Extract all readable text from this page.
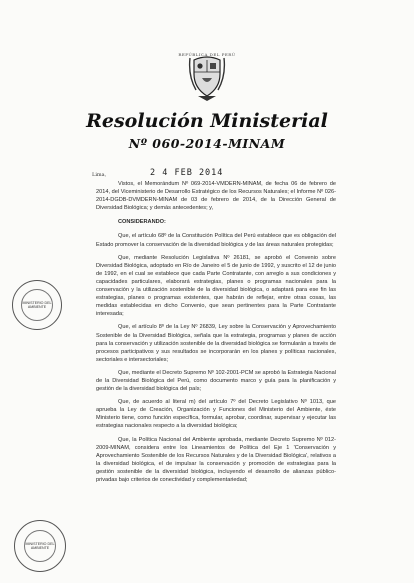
REPÚBLICA DEL PERÚ
Resolución Ministerial
Nº 060-2014-MINAM
Lima,	2 4 FEB 2014
MINISTERIO DEL AMBIENTE
MINISTERIO DEL AMBIENTE

Vistos, el Memorándum Nº 069-2014-VMDERN-MINAM, de fecha 06 de febrero de 2014, del Viceministerio de Desarrollo Estratégico de los Recursos Naturales; el Informe Nº 026-2014-DGDB-DVMDERN-MINAM de 03 de febrero de 2014, de la Dirección General de Diversidad Biológica; y demás antecedentes; y,

CONSIDERANDO:

Que, el artículo 68º de la Constitución Política del Perú establece que es obligación del Estado promover la conservación de la diversidad biológica y de las áreas naturales protegidas;

Que, mediante Resolución Legislativa Nº 26181, se aprobó el Convenio sobre Diversidad Biológica, adoptado en Río de Janeiro el 5 de junio de 1992, y suscrito el 12 de junio de 1992, en el cual se establece que cada Parte Contratante, con arreglo a sus condiciones y capacidades particulares, elaborará estrategias, planes o programas nacionales para la conservación y la utilización sostenible de la diversidad biológica, o adaptará para ese fin las estrategias, planes o programas existentes, que habrán de reflejar, entre otras cosas, las medidas establecidas en dicho Convenio, que sean pertinentes para la Parte Contratante interesada;

Que, el artículo 8º de la Ley Nº 26839, Ley sobre la Conservación y Aprovechamiento Sostenible de la Diversidad Biológica, señala que la estrategia, programas y planes de acción para la conservación y utilización sostenible de la diversidad biológica se formularán a través de procesos participativos y sus resultados se incorporarán en los planes y políticas nacionales, sectoriales e intersectoriales;

Que, mediante el Decreto Supremo Nº 102-2001-PCM se aprobó la Estrategia Nacional de la Diversidad Biológica del Perú, como documento marco y guía para la planificación y gestión de la diversidad biológica del país;

Que, de acuerdo al literal m) del artículo 7º del Decreto Legislativo Nº 1013, que aprueba la Ley de Creación, Organización y Funciones del Ministerio del Ambiente, éste Ministerio tiene, como función específica, formular, aprobar, coordinar, supervisar y ejecutar las estrategias nacionales respecto a la diversidad biológica;

Que, la Política Nacional del Ambiente aprobada, mediante Decreto Supremo Nº 012-2009-MINAM, considera entre los Lineamientos de Política del Eje 1 'Conservación y Aprovechamiento Sostenible de los Recursos Naturales y de la Diversidad Biológica', relativos a la diversidad biológica, el de impulsar la conservación y promoción de estrategias para la gestión sostenible de la diversidad biológica, incluyendo el desarrollo de alianzas público-privadas bajo criterios de conectividad y complementariedad;
